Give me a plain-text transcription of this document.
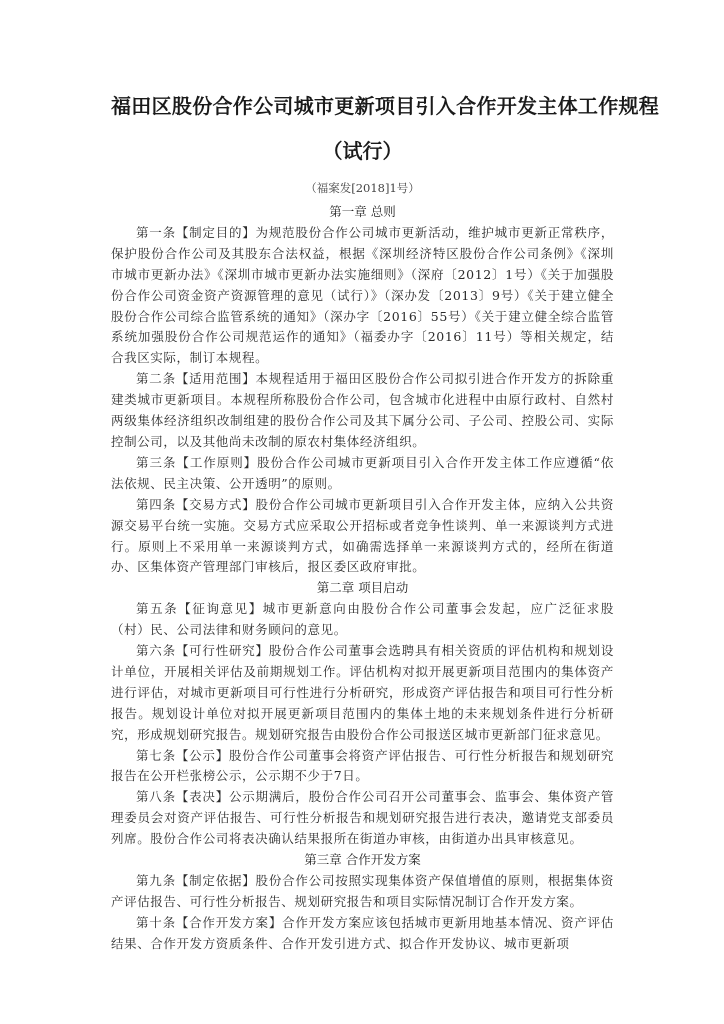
福田区股份合作公司城市更新项目引入合作开发主体工作规程
（试行）

（福案发[2018]1号）

第一章 总则

第一条【制定目的】为规范股份合作公司城市更新活动，维护城市更新正常秩序，保护股份合作公司及其股东合法权益，根据《深圳经济特区股份合作公司条例》《深圳市城市更新办法》《深圳市城市更新办法实施细则》（深府〔2012〕1号）《关于加强股份合作公司资金资产资源管理的意见（试行）》（深办发〔2013〕9号）《关于建立健全股份合作公司综合监管系统的通知》（深办字〔2016〕55号）《关于建立健全综合监管系统加强股份合作公司规范运作的通知》（福委办字〔2016〕11号）等相关规定，结合我区实际，制订本规程。

第二条【适用范围】本规程适用于福田区股份合作公司拟引进合作开发方的拆除重建类城市更新项目。本规程所称股份合作公司，包含城市化进程中由原行政村、自然村两级集体经济组织改制组建的股份合作公司及其下属分公司、子公司、控股公司、实际控制公司，以及其他尚未改制的原农村集体经济组织。

第三条【工作原则】股份合作公司城市更新项目引入合作开发主体工作应遵循“依法依规、民主决策、公开透明”的原则。

第四条【交易方式】股份合作公司城市更新项目引入合作开发主体，应纳入公共资源交易平台统一实施。交易方式应采取公开招标或者竞争性谈判、单一来源谈判方式进行。原则上不采用单一来源谈判方式，如确需选择单一来源谈判方式的，经所在街道办、区集体资产管理部门审核后，报区委区政府审批。

第二章 项目启动

第五条【征询意见】城市更新意向由股份合作公司董事会发起，应广泛征求股（村）民、公司法律和财务顾问的意见。

第六条【可行性研究】股份合作公司董事会选聘具有相关资质的评估机构和规划设计单位，开展相关评估及前期规划工作。评估机构对拟开展更新项目范围内的集体资产进行评估，对城市更新项目可行性进行分析研究，形成资产评估报告和项目可行性分析报告。规划设计单位对拟开展更新项目范围内的集体土地的未来规划条件进行分析研究，形成规划研究报告。规划研究报告由股份合作公司报送区城市更新部门征求意见。

第七条【公示】股份合作公司董事会将资产评估报告、可行性分析报告和规划研究报告在公开栏张榜公示，公示期不少于7日。

第八条【表决】公示期满后，股份合作公司召开公司董事会、监事会、集体资产管理委员会对资产评估报告、可行性分析报告和规划研究报告进行表决，邀请党支部委员列席。股份合作公司将表决确认结果报所在街道办审核，由街道办出具审核意见。

第三章 合作开发方案

第九条【制定依据】股份合作公司按照实现集体资产保值增值的原则，根据集体资产评估报告、可行性分析报告、规划研究报告和项目实际情况制订合作开发方案。

第十条【合作开发方案】合作开发方案应该包括城市更新用地基本情况、资产评估结果、合作开发方资质条件、合作开发引进方式、拟合作开发协议、城市更新项
